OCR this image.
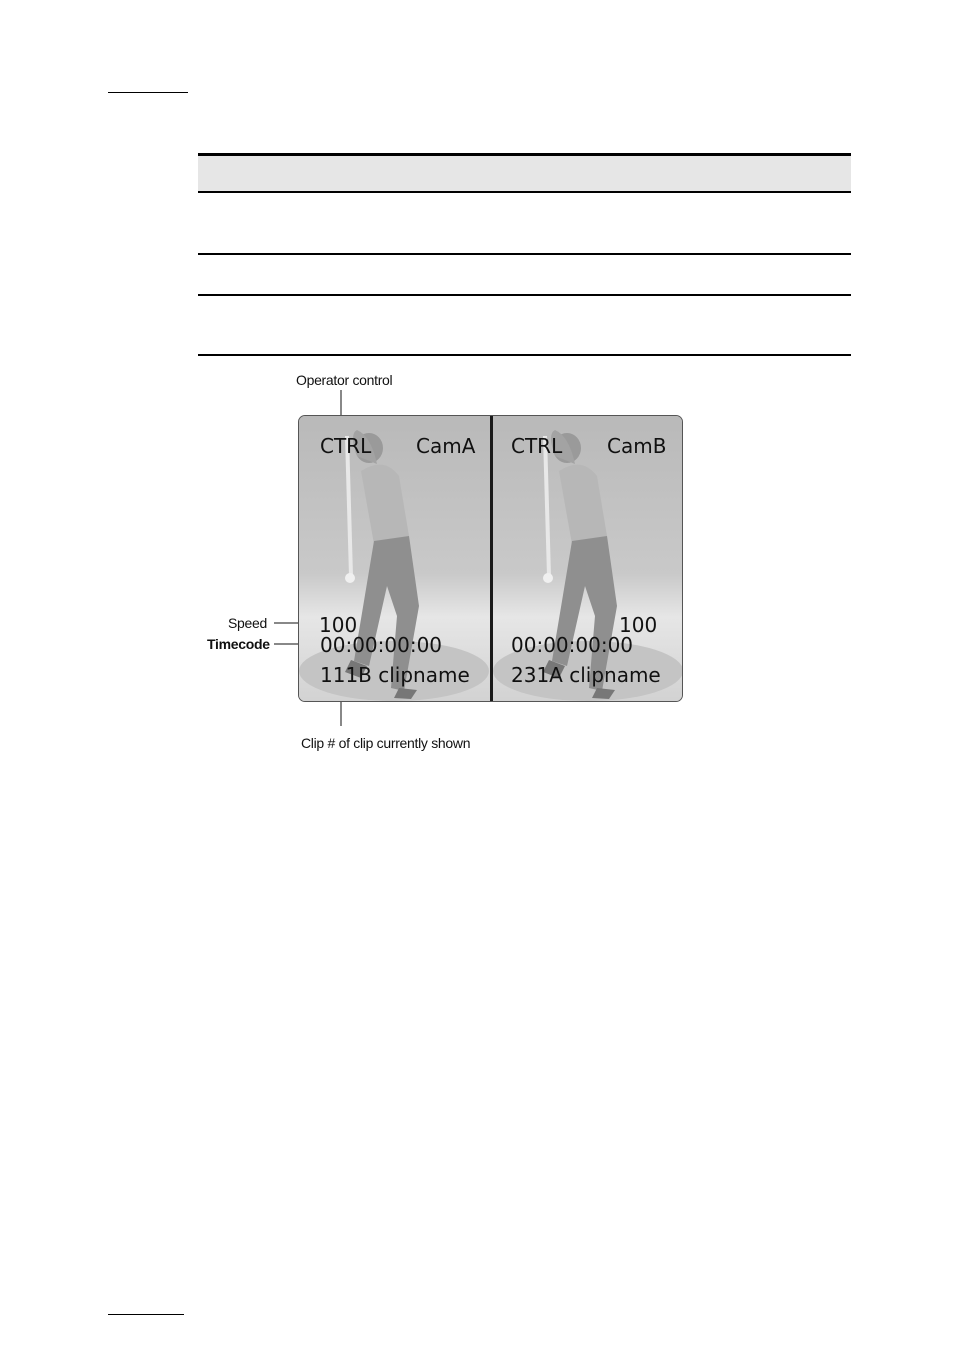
Operator control
Speed
Timecode
Clip # of clip currently shown
CTRL CamA
100
00:00:00:00
111B clipname
CTRL CamB
100
00:00:00:00
231A clipname
